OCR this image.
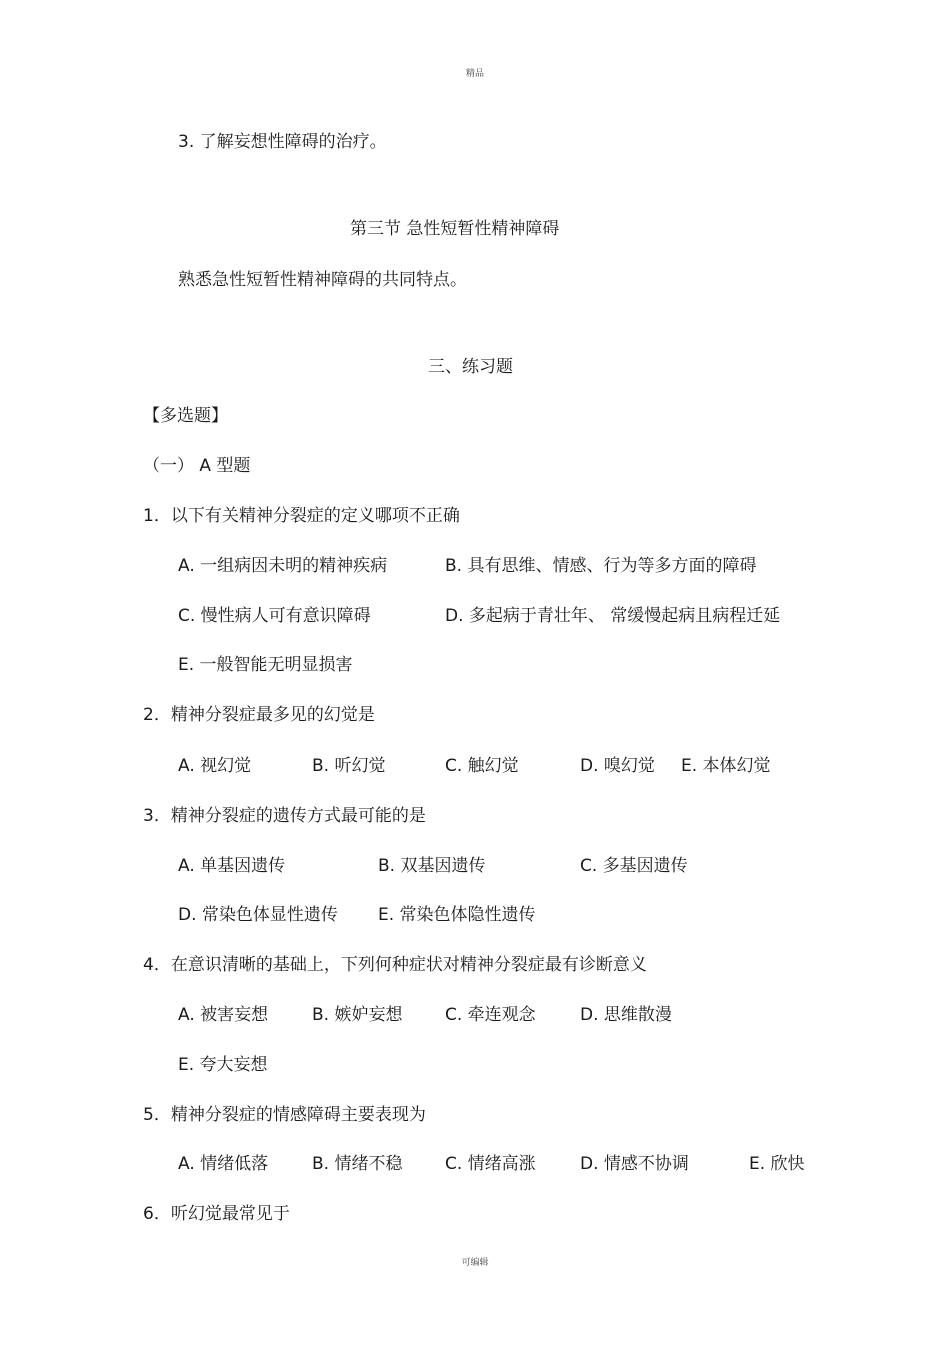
精品
3. 了解妄想性障碍的治疗。
第三节 急性短暂性精神障碍
熟悉急性短暂性精神障碍的共同特点。
三、练习题
【多选题】
（一） A 型题
1．以下有关精神分裂症的定义哪项不正确
A. 一组病因未明的精神疾病	B. 具有思维、情感、行为等多方面的障碍
C. 慢性病人可有意识障碍	D. 多起病于青壮年、 常缓慢起病且病程迁延
E. 一般智能无明显损害
2．精神分裂症最多见的幻觉是
A. 视幻觉	B. 听幻觉	C. 触幻觉	D. 嗅幻觉 E. 本体幻觉
3．精神分裂症的遗传方式最可能的是
A. 单基因遗传	B. 双基因遗传	C. 多基因遗传
D. 常染色体显性遗传 E. 常染色体隐性遗传
4．在意识清晰的基础上，下列何种症状对精神分裂症最有诊断意义
A. 被害妄想	B. 嫉妒妄想	C. 牵连观念	D. 思维散漫
E. 夸大妄想
5．精神分裂症的情感障碍主要表现为
A. 情绪低落	B. 情绪不稳	C. 情绪高涨	D. 情感不协调	E. 欣快
6．听幻觉最常见于
可编辑
